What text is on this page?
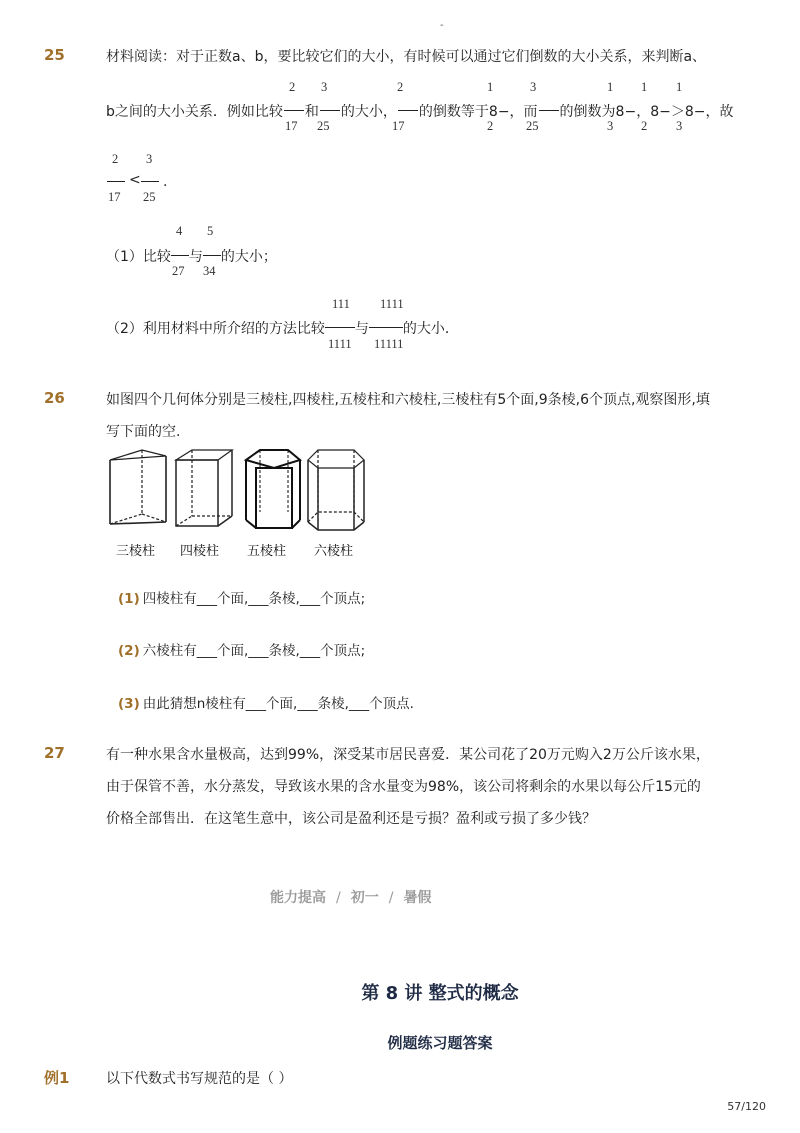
-
25	材料阅读：对于正数a、b，要比较它们的大小，有时候可以通过它们倒数的大小关系，来判断a、
2
17
3
25
2
17
1
2
3
25
1
3
1
2
1
3
b之间的大小关系．例如比较 和 的大小， 的倒数等于8−，而 的倒数为8−，8−＞8−，故
2
17
<
3
25
.
4
27
5
34
（1）比较 与 的大小；
111
1111
1111
11111
（2）利用材料中所介绍的方法比较 与 的大小．
26	如图四个几何体分别是三棱柱,四棱柱,五棱柱和六棱柱,三棱柱有5个面,9条棱,6个顶点,观察图形,填
写下面的空.
三棱柱 四棱柱 五棱柱 六棱柱
(1) 四棱柱有___个面,___条棱,___个顶点;
(2) 六棱柱有___个面,___条棱,___个顶点;
(3) 由此猜想n棱柱有___个面,___条棱,___个顶点.
27	有一种水果含水量极高，达到99%，深受某市居民喜爱．某公司花了20万元购入2万公斤该水果，
由于保管不善，水分蒸发，导致该水果的含水量变为98%，该公司将剩余的水果以每公斤15元的
价格全部售出．在这笔生意中，该公司是盈利还是亏损？盈利或亏损了多少钱？
能力提高 / 初一 / 暑假
第 8 讲 整式的概念
例题练习题答案
例1	以下代数式书写规范的是（ ）
57/120
